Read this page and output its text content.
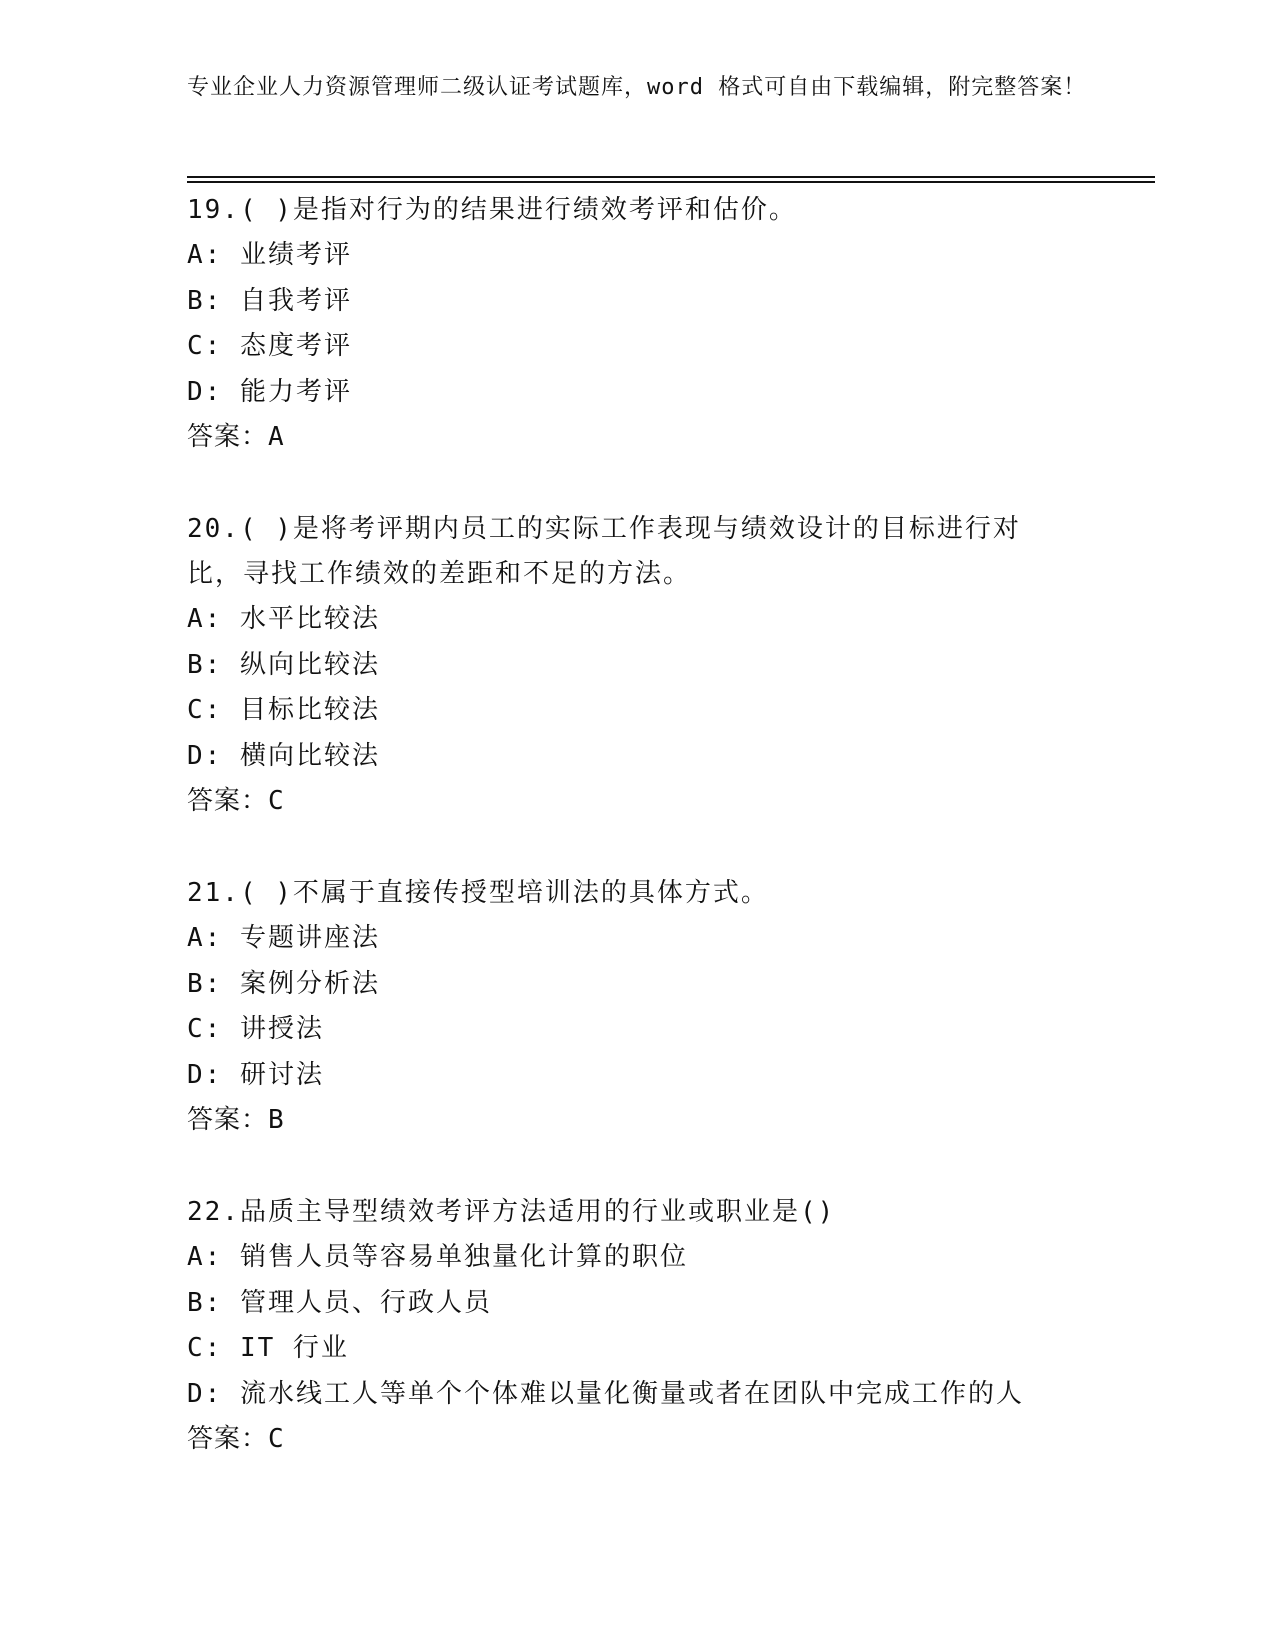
专业企业人力资源管理师二级认证考试题库，word 格式可自由下载编辑，附完整答案！
19.( )是指对行为的结果进行绩效考评和估价。
A: 业绩考评
B: 自我考评
C: 态度考评
D: 能力考评
答案：A
20.( )是将考评期内员工的实际工作表现与绩效设计的目标进行对比，寻找工作绩效的差距和不足的方法。
A: 水平比较法
B: 纵向比较法
C: 目标比较法
D: 横向比较法
答案：C
21.( )不属于直接传授型培训法的具体方式。
A: 专题讲座法
B: 案例分析法
C: 讲授法
D: 研讨法
答案：B
22.品质主导型绩效考评方法适用的行业或职业是()
A: 销售人员等容易单独量化计算的职位
B: 管理人员、行政人员
C: IT 行业
D: 流水线工人等单个个体难以量化衡量或者在团队中完成工作的人
答案：C
